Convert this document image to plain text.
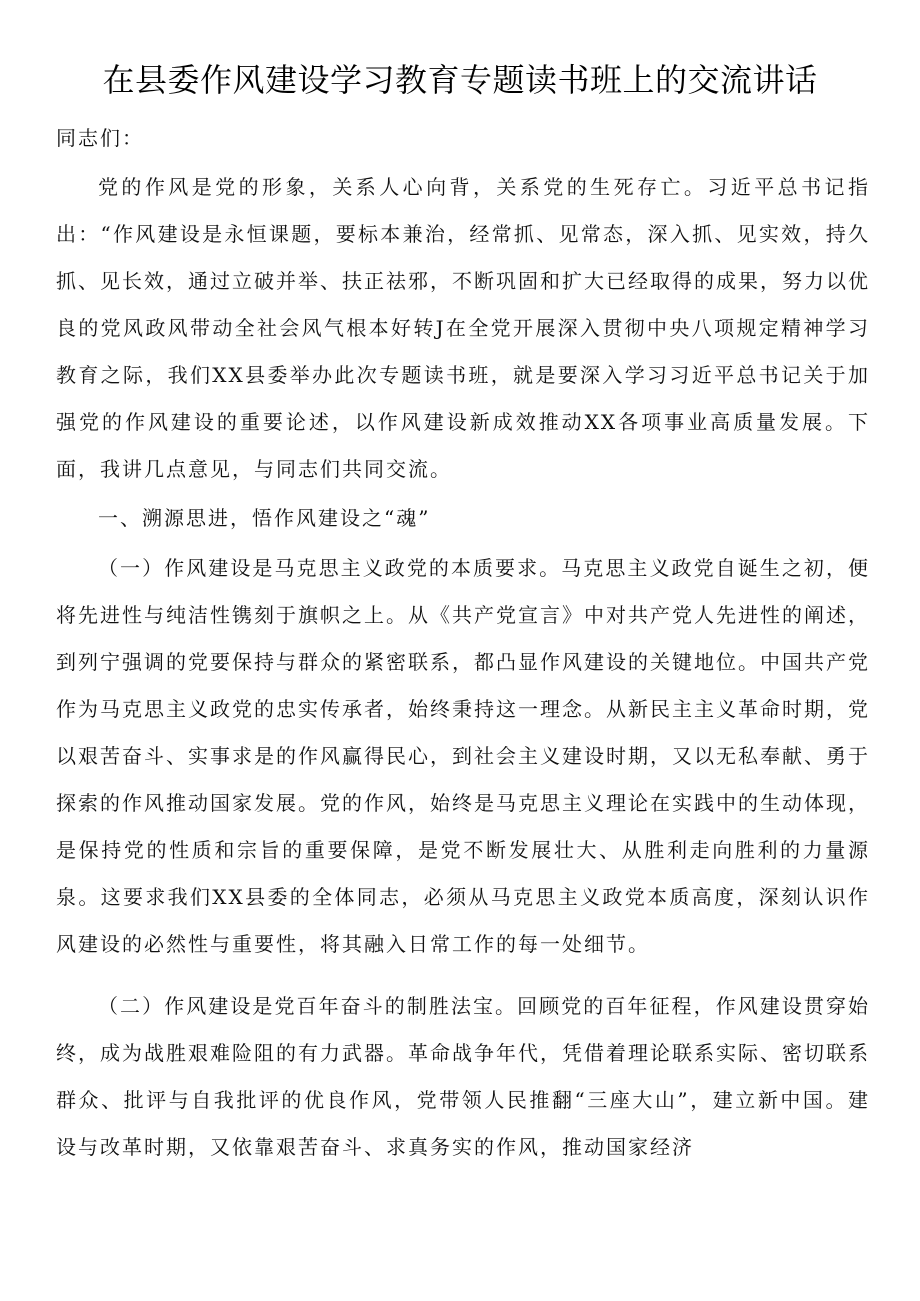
在县委作风建设学习教育专题读书班上的交流讲话
同志们：

党的作风是党的形象，关系人心向背，关系党的生死存亡。习近平总书记指出：“作风建设是永恒课题，要标本兼治，经常抓、见常态，深入抓、见实效，持久抓、见长效，通过立破并举、扶正祛邪，不断巩固和扩大已经取得的成果，努力以优良的党风政风带动全社会风气根本好转J在全党开展深入贯彻中央八项规定精神学习教育之际，我们XX县委举办此次专题读书班，就是要深入学习习近平总书记关于加强党的作风建设的重要论述，以作风建设新成效推动XX各项事业高质量发展。下面，我讲几点意见，与同志们共同交流。

一、溯源思进，悟作风建设之“魂”

（一）作风建设是马克思主义政党的本质要求。马克思主义政党自诞生之初，便将先进性与纯洁性镌刻于旗帜之上。从《共产党宣言》中对共产党人先进性的阐述，到列宁强调的党要保持与群众的紧密联系，都凸显作风建设的关键地位。中国共产党作为马克思主义政党的忠实传承者，始终秉持这一理念。从新民主主义革命时期，党以艰苦奋斗、实事求是的作风赢得民心，到社会主义建设时期，又以无私奉献、勇于探索的作风推动国家发展。党的作风，始终是马克思主义理论在实践中的生动体现，是保持党的性质和宗旨的重要保障，是党不断发展壮大、从胜利走向胜利的力量源泉。这要求我们XX县委的全体同志，必须从马克思主义政党本质高度，深刻认识作风建设的必然性与重要性，将其融入日常工作的每一处细节。

（二）作风建设是党百年奋斗的制胜法宝。回顾党的百年征程，作风建设贯穿始终，成为战胜艰难险阻的有力武器。革命战争年代，凭借着理论联系实际、密切联系群众、批评与自我批评的优良作风，党带领人民推翻“三座大山”，建立新中国。建设与改革时期，又依靠艰苦奋斗、求真务实的作风，推动国家经济
